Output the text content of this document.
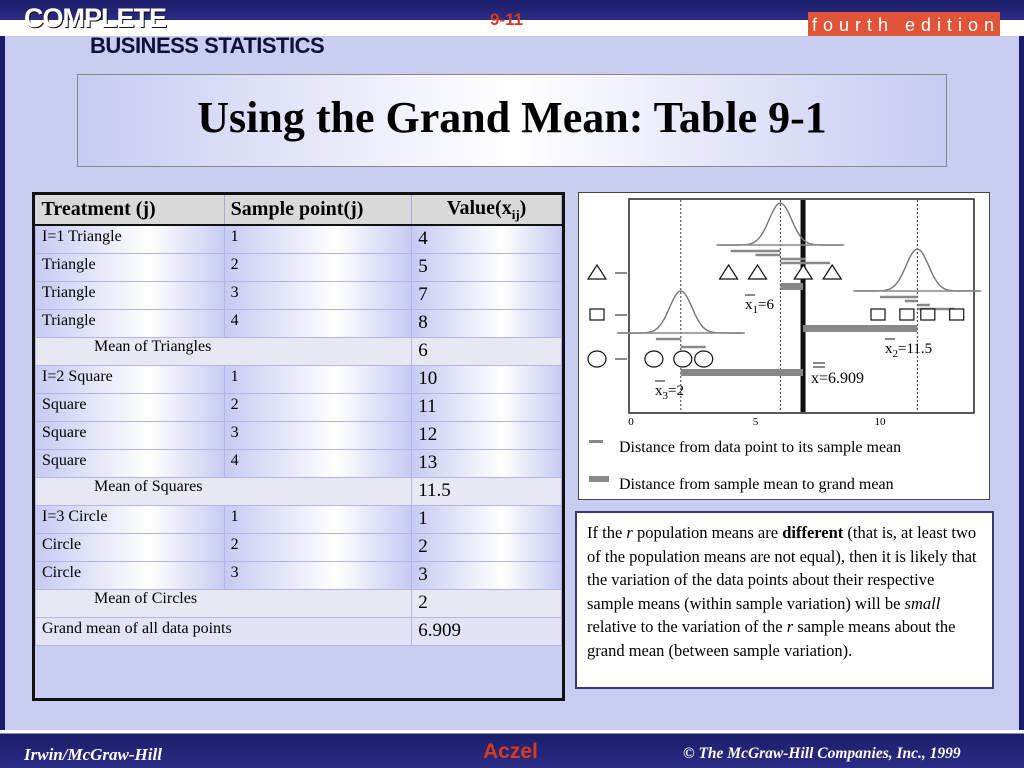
COMPLETE
BUSINESS STATISTICS
9-11	fourth edition
Using the Grand Mean: Table 9-1
Treatment (j)	Sample point(j)	$Value(x_{ij})$
I=1 Triangle	1	4
Triangle	2	5
Triangle	3	7
Triangle	4	8
Mean of Triangles		6
I=2 Square	1	10
Square	2	11
Square	3	12
Square	4	13
Mean of Squares		11.5
I=3 Circle	1	1
Circle	2	2
Circle	3	3
Mean of Circles		2
Grand mean of all data points		6.909

$x_1=6$
$x_2=11.5$
$x_3=2$
x=6.909
0	5	10
Distance from data point to its sample mean
Distance from sample mean to grand mean
If the r population means are different (that is, at least two of the population means are not equal), then it is likely that the variation of the data points about their respective sample means (within sample variation) will be small relative to the variation of the r sample means about the grand mean (between sample variation).
Irwin/McGraw-Hill	Aczel	© The McGraw-Hill Companies, Inc., 1999
